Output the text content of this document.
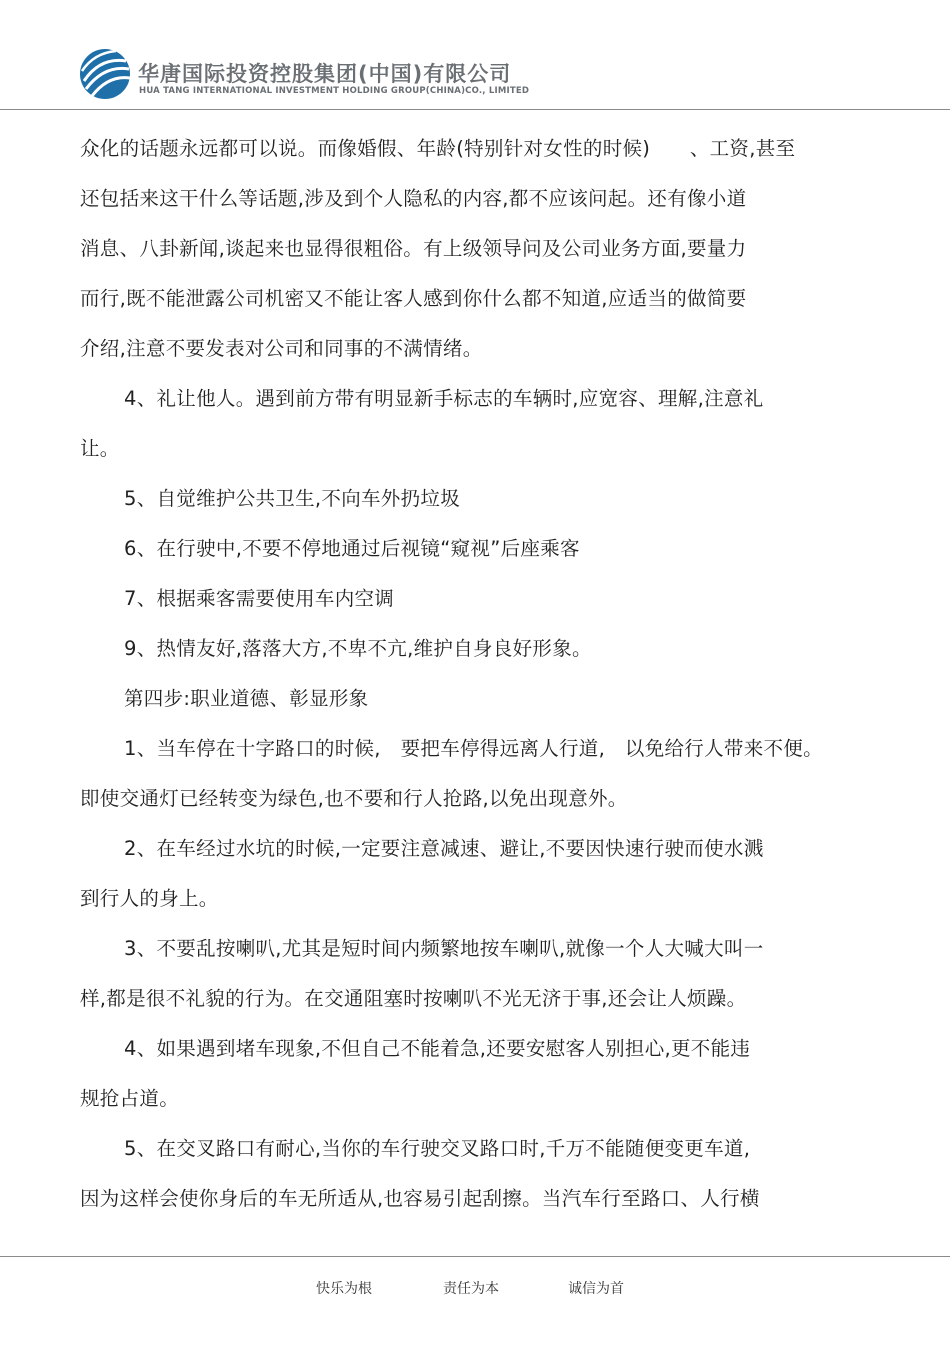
华唐国际投资控股集团(中国)有限公司
HUA TANG INTERNATIONAL INVESTMENT HOLDING GROUP(CHINA)CO., LIMITED
众化的话题永远都可以说。而像婚假、年龄(特别针对女性的时候)　　、工资,甚至
还包括来这干什么等话题,涉及到个人隐私的内容,都不应该问起。还有像小道
消息、八卦新闻,谈起来也显得很粗俗。有上级领导问及公司业务方面,要量力
而行,既不能泄露公司机密又不能让客人感到你什么都不知道,应适当的做简要
介绍,注意不要发表对公司和同事的不满情绪。
4、礼让他人。遇到前方带有明显新手标志的车辆时,应宽容、理解,注意礼
让。
5、自觉维护公共卫生,不向车外扔垃圾
6、在行驶中,不要不停地通过后视镜“窥视”后座乘客
7、根据乘客需要使用车内空调
9、热情友好,落落大方,不卑不亢,维护自身良好形象。
第四步:职业道德、彰显形象
1、当车停在十字路口的时候,　要把车停得远离人行道,　以免给行人带来不便。
即使交通灯已经转变为绿色,也不要和行人抢路,以免出现意外。
2、在车经过水坑的时候,一定要注意减速、避让,不要因快速行驶而使水溅
到行人的身上。
3、不要乱按喇叭,尤其是短时间内频繁地按车喇叭,就像一个人大喊大叫一
样,都是很不礼貌的行为。在交通阻塞时按喇叭不光无济于事,还会让人烦躁。
4、如果遇到堵车现象,不但自己不能着急,还要安慰客人别担心,更不能违
规抢占道。
5、在交叉路口有耐心,当你的车行驶交叉路口时,千万不能随便变更车道,
因为这样会使你身后的车无所适从,也容易引起刮擦。当汽车行至路口、人行横
快乐为根	责任为本	诚信为首
